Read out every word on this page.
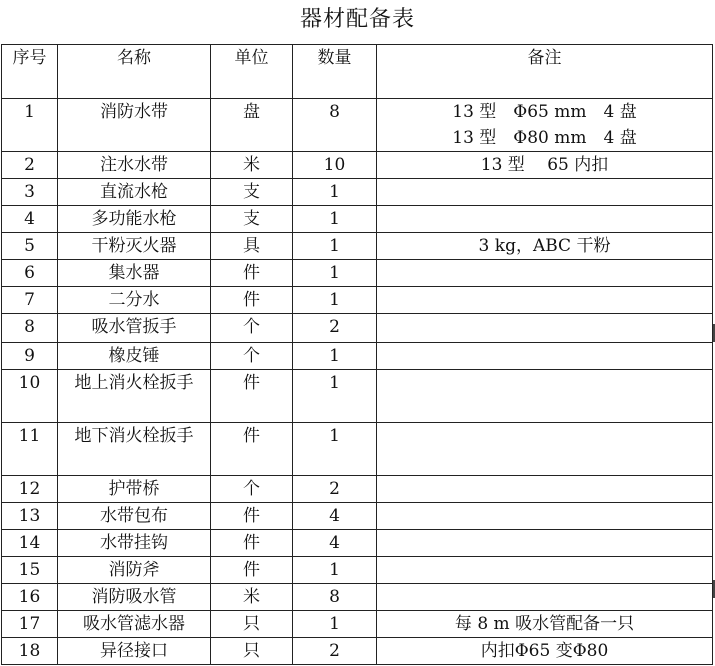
器材配备表
序号	名称	单位	数量	备注
1	消防水带	盘	8	13 型　Φ65 mm　4 盘
13 型　Φ80 mm　4 盘

2	注水水带	米	10	13 型　 65 内扣

3	直流水枪	支	1	
4	多功能水枪	支	1	
5	干粉灭火器	具	1	3 kg，ABC 干粉

6	集水器	件	1	
7	二分水	件	1	
8	吸水管扳手	个	2	
9	橡皮锤	个	1	
10	地上消火栓扳手	件	1	
11	地下消火栓扳手	件	1	
12	护带桥	个	2	
13	水带包布	件	4	
14	水带挂钩	件	4	
15	消防斧	件	1	
16	消防吸水管	米	8	
17	吸水管滤水器	只	1	每 8 m 吸水管配备一只

18	异径接口	只	2	内扣Φ65 变Φ80
